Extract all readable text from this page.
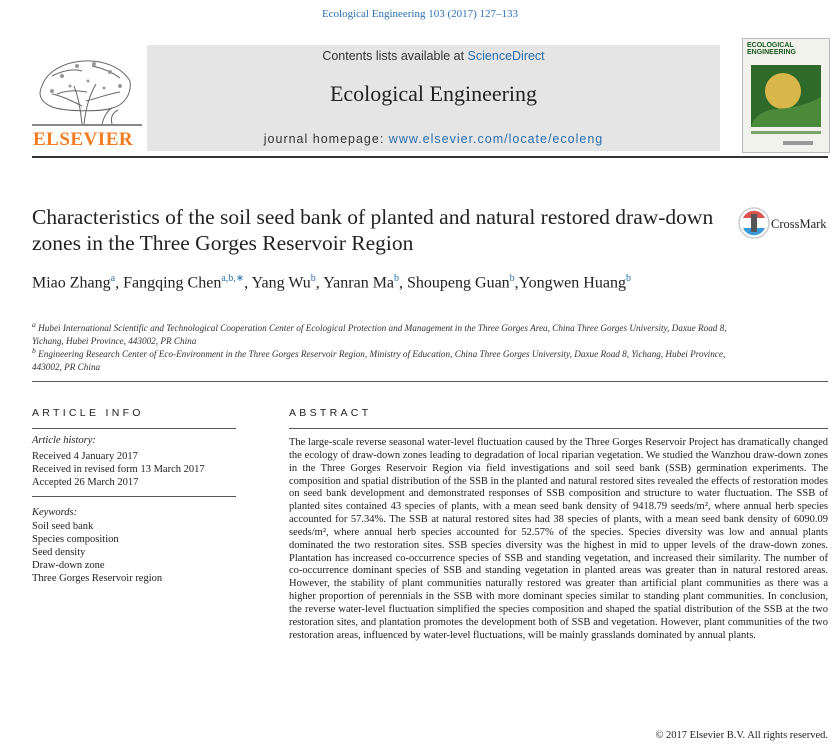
Ecological Engineering 103 (2017) 127–133
ELSEVIER
Contents lists available at ScienceDirect
Ecological Engineering
journal homepage: www.elsevier.com/locate/ecoleng
ECOLOGICAL ENGINEERING
Characteristics of the soil seed bank of planted and natural restored draw-down zones in the Three Gorges Reservoir Region
CrossMark
Miao Zhang$^a$, Fangqing Chen$^{a,b,∗}$, Yang Wu$^b$, Yanran Ma$^b$, Shoupeng Guan$^b$,Yongwen Huang$^b$
$^a$ Hubei International Scientific and Technological Cooperation Center of Ecological Protection and Management in the Three Gorges Area, China Three Gorges University, Daxue Road 8, Yichang, Hubei Province, 443002, PR China
$^b$ Engineering Research Center of Eco-Environment in the Three Gorges Reservoir Region, Ministry of Education, China Three Gorges University, Daxue Road 8, Yichang, Hubei Province, 443002, PR China
ARTICLE INFO
Article history:
Received 4 January 2017
Received in revised form 13 March 2017
Accepted 26 March 2017
Keywords:
Soil seed bank
Species composition
Seed density
Draw-down zone
Three Gorges Reservoir region
ABSTRACT
The large-scale reverse seasonal water-level fluctuation caused by the Three Gorges Reservoir Project has dramatically changed the ecology of draw-down zones leading to degradation of local riparian vegetation. We studied the Wanzhou draw-down zones in the Three Gorges Reservoir Region via field investigations and soil seed bank (SSB) germination experiments. The composition and spatial distribution of the SSB in the planted and natural restored sites revealed the effects of restoration modes on seed bank development and demonstrated responses of SSB composition and structure to water fluctuation. The SSB of planted sites contained 43 species of plants, with a mean seed bank density of 9418.79 seeds/m², where annual herb species accounted for 57.34%. The SSB at natural restored sites had 38 species of plants, with a mean seed bank density of 6090.09 seeds/m², where annual herb species accounted for 52.57% of the species. Species diversity was low and annual plants dominated the two restoration sites. SSB species diversity was the highest in mid to upper levels of the draw-down zones. Plantation has increased co-occurrence species of SSB and standing vegetation, and increased their similarity. The number of co-occurrence dominant species of SSB and standing vegetation in planted areas was greater than in natural restored areas. However, the stability of plant communities naturally restored was greater than artificial plant communities as there was a higher proportion of perennials in the SSB with more dominant species similar to standing plant communities. In conclusion, the reverse water-level fluctuation simplified the species composition and shaped the spatial distribution of the SSB at the two restoration sites, and plantation promotes the development both of SSB and vegetation. However, plant communities of the two restoration areas, influenced by water-level fluctuations, will be mainly grasslands dominated by annual plants.
© 2017 Elsevier B.V. All rights reserved.
